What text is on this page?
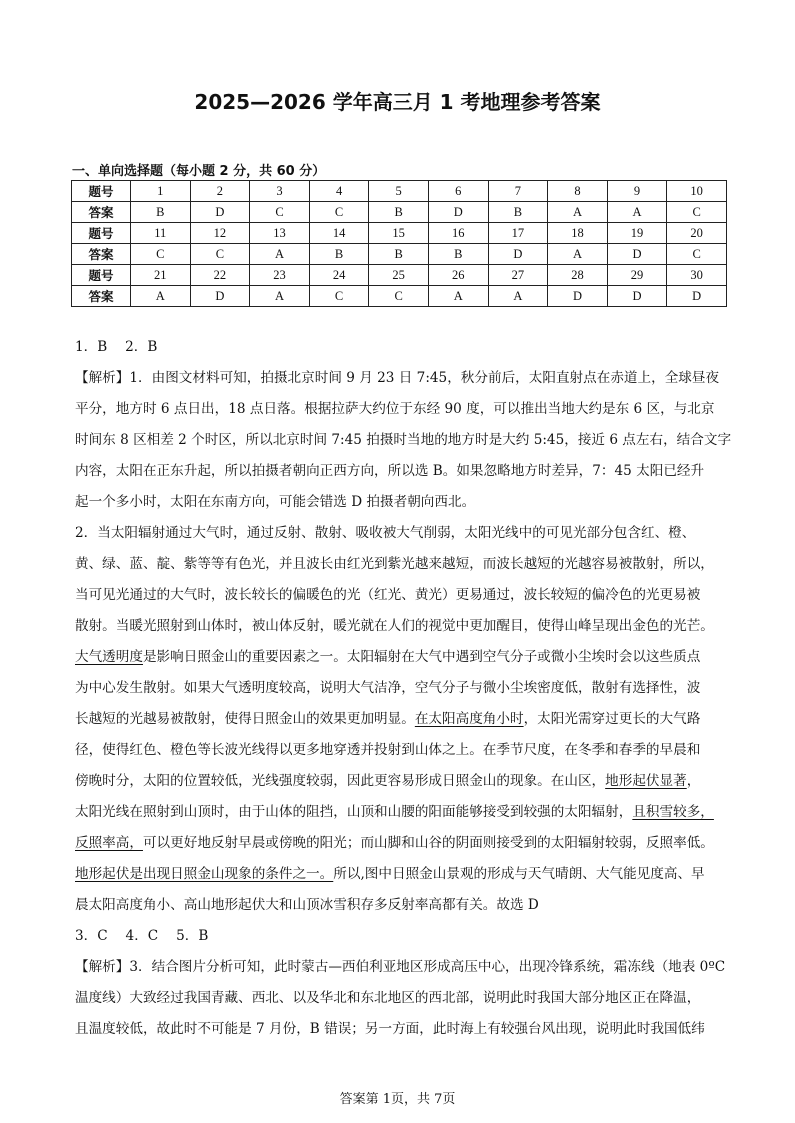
2025—2026 学年高三月 1 考地理参考答案
一、单向选择题（每小题 2 分，共 60 分）
题号	1	2	3	4	5	6	7	8	9	10
答案	B	D	C	C	B	D	B	A	A	C
题号	11	12	13	14	15	16	17	18	19	20
答案	C	C	A	B	B	B	D	A	D	C
题号	21	22	23	24	25	26	27	28	29	30
答案	A	D	A	C	C	A	A	D	D	D
1．B　 2．B
【解析】1．由图文材料可知，拍摄北京时间 9 月 23 日 7:45，秋分前后，太阳直射点在赤道上，全球昼夜
平分，地方时 6 点日出，18 点日落。根据拉萨大约位于东经 90 度，可以推出当地大约是东 6 区，与北京
时间东 8 区相差 2 个时区，所以北京时间 7:45 拍摄时当地的地方时是大约 5:45，接近 6 点左右，结合文字
内容，太阳在正东升起，所以拍摄者朝向正西方向，所以选 B。如果忽略地方时差异，7：45 太阳已经升
起一个多小时，太阳在东南方向，可能会错选 D 拍摄者朝向西北。
2．当太阳辐射通过大气时，通过反射、散射、吸收被大气削弱，太阳光线中的可见光部分包含红、橙、
黄、绿、蓝、靛、紫等等有色光，并且波长由红光到紫光越来越短，而波长越短的光越容易被散射，所以，
当可见光通过的大气时，波长较长的偏暖色的光（红光、黄光）更易通过，波长较短的偏冷色的光更易被
散射。当暖光照射到山体时，被山体反射，暖光就在人们的视觉中更加醒目，使得山峰呈现出金色的光芒。
大气透明度是影响日照金山的重要因素之一。太阳辐射在大气中遇到空气分子或微小尘埃时会以这些质点
为中心发生散射。如果大气透明度较高，说明大气洁净，空气分子与微小尘埃密度低，散射有选择性，波
长越短的光越易被散射，使得日照金山的效果更加明显。在太阳高度角小时，太阳光需穿过更长的大气路
径，使得红色、橙色等长波光线得以更多地穿透并投射到山体之上。在季节尺度，在冬季和春季的早晨和
傍晚时分，太阳的位置较低，光线强度较弱，因此更容易形成日照金山的现象。在山区，地形起伏显著，
太阳光线在照射到山顶时，由于山体的阻挡，山顶和山腰的阳面能够接受到较强的太阳辐射，且积雪较多，
反照率高，可以更好地反射早晨或傍晚的阳光；而山脚和山谷的阴面则接受到的太阳辐射较弱，反照率低。
地形起伏是出现日照金山现象的条件之一。所以,图中日照金山景观的形成与天气晴朗、大气能见度高、早
晨太阳高度角小、高山地形起伏大和山顶冰雪积存多反射率高都有关。故选 D
3．C　 4．C　 5．B
【解析】3．结合图片分析可知，此时蒙古—西伯利亚地区形成高压中心，出现冷锋系统，霜冻线（地表 0ºC
温度线）大致经过我国青藏、西北、以及华北和东北地区的西北部，说明此时我国大部分地区正在降温，
且温度较低，故此时不可能是 7 月份，B 错误；另一方面，此时海上有较强台风出现，说明此时我国低纬
答案第 1页，共 7页
